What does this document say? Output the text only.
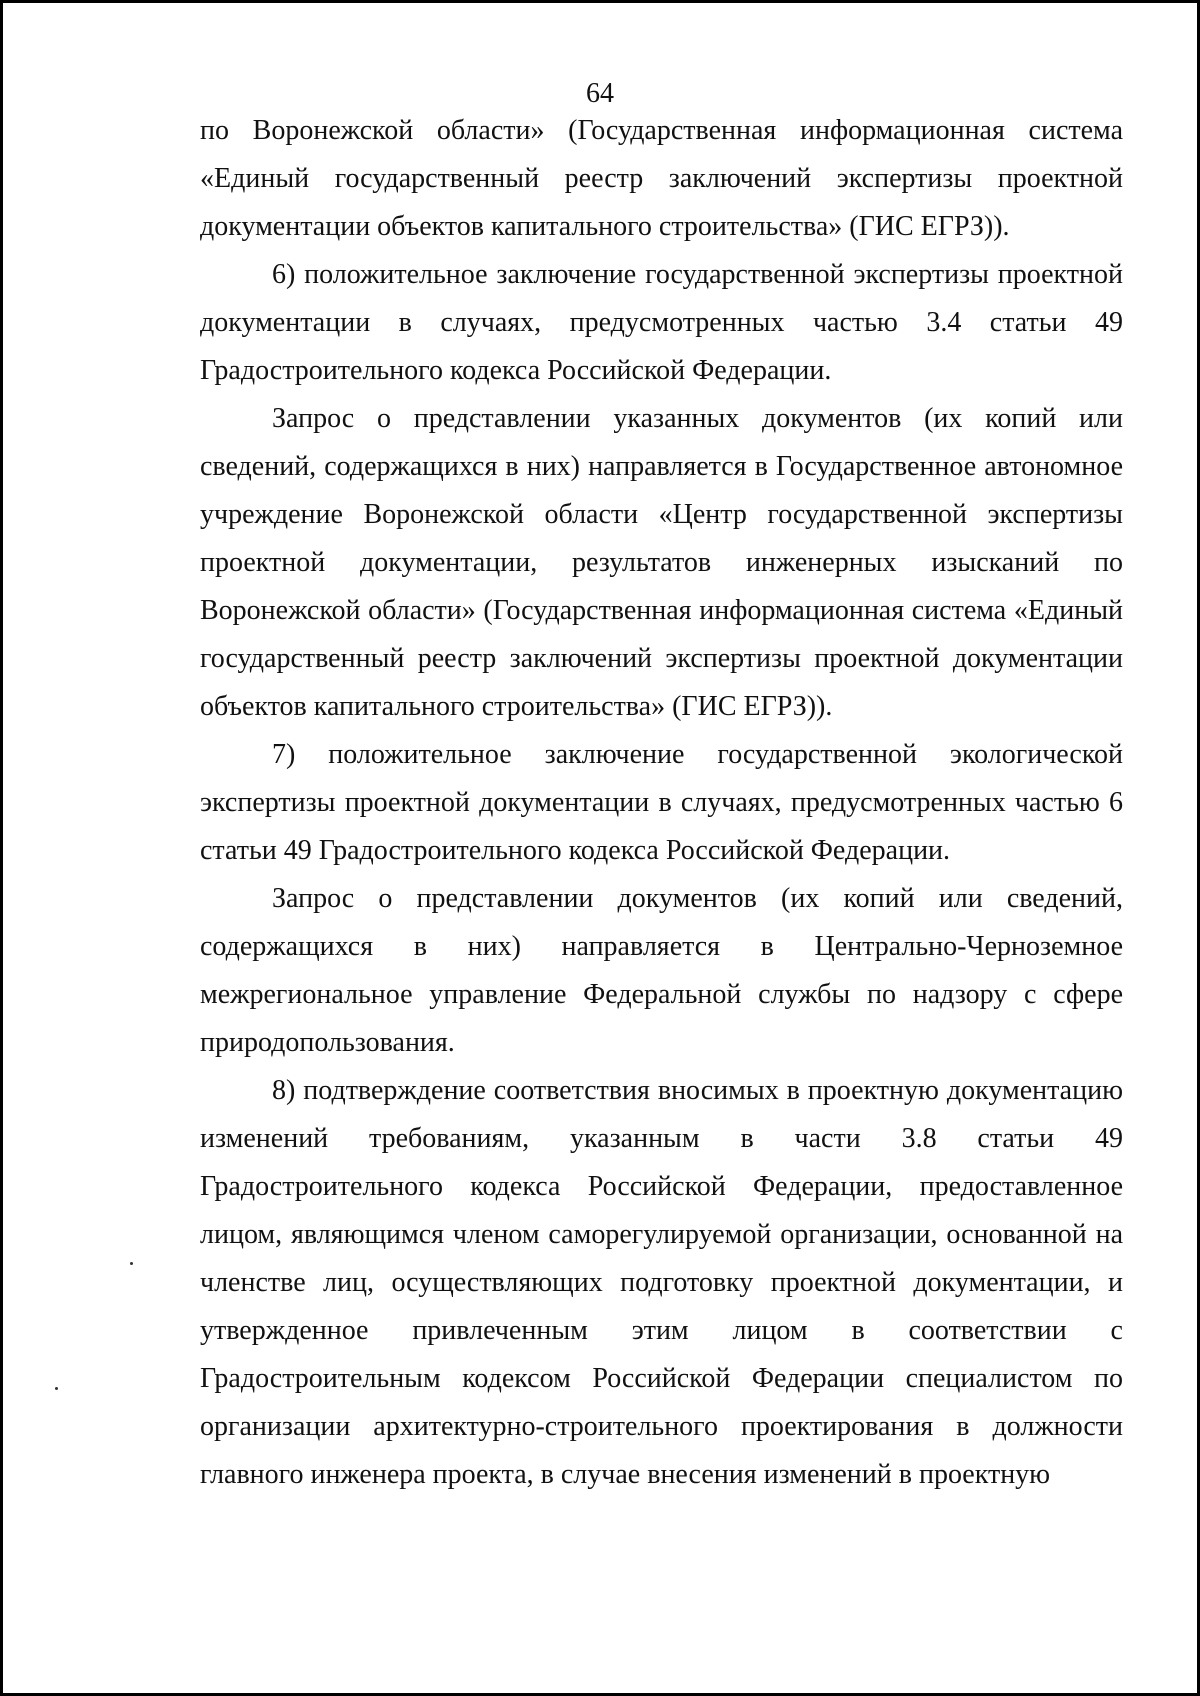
64

по Воронежской области» (Государственная информационная система «Единый государственный реестр заключений экспертизы проектной документации объектов капитального строительства» (ГИС ЕГРЗ)).

6) положительное заключение государственной экспертизы проектной документации в случаях, предусмотренных частью 3.4 статьи 49 Градостроительного кодекса Российской Федерации.

Запрос о представлении указанных документов (их копий или сведений, содержащихся в них) направляется в Государственное автономное учреждение Воронежской области «Центр государственной экспертизы проектной документации, результатов инженерных изысканий по Воронежской области» (Государственная информационная система «Единый государственный реестр заключений экспертизы проектной документации объектов капитального строительства» (ГИС ЕГРЗ)).

7) положительное заключение государственной экологической экспертизы проектной документации в случаях, предусмотренных частью 6 статьи 49 Градостроительного кодекса Российской Федерации.

Запрос о представлении документов (их копий или сведений, содержащихся в них) направляется в Центрально-Черноземное межрегиональное управление Федеральной службы по надзору с сфере природопользования.

8) подтверждение соответствия вносимых в проектную документацию изменений требованиям, указанным в части 3.8 статьи 49 Градостроительного кодекса Российской Федерации, предоставленное лицом, являющимся членом саморегулируемой организации, основанной на членстве лиц, осуществляющих подготовку проектной документации, и утвержденное привлеченным этим лицом в соответствии с Градостроительным кодексом Российской Федерации специалистом по организации архитектурно-строительного проектирования в должности главного инженера проекта, в случае внесения изменений в проектную
